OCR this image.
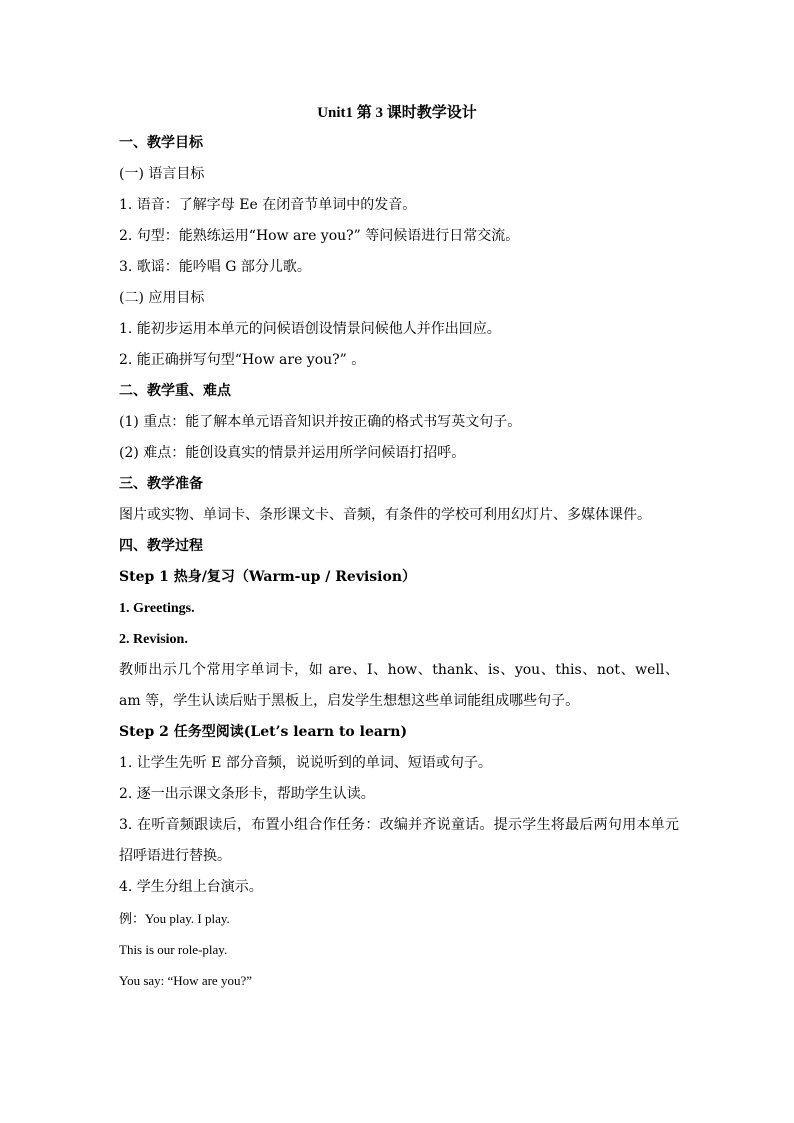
Unit1 第 3 课时教学设计
一、教学目标
(一) 语言目标
1. 语音：了解字母 Ee 在闭音节单词中的发音。
2. 句型：能熟练运用“How are you?” 等问候语进行日常交流。
3. 歌谣：能吟唱 G 部分儿歌。
(二) 应用目标
1. 能初步运用本单元的问候语创设情景问候他人并作出回应。
2. 能正确拼写句型“How are you?” 。
二、教学重、难点
(1) 重点：能了解本单元语音知识并按正确的格式书写英文句子。
(2) 难点：能创设真实的情景并运用所学问候语打招呼。
三、教学准备
图片或实物、单词卡、条形课文卡、音频，有条件的学校可利用幻灯片、多媒体课件。
四、教学过程
Step 1 热身/复习（Warm-up / Revision）
1. Greetings.
2. Revision.
教师出示几个常用字单词卡，如 are、I、how、thank、is、you、this、not、well、am 等，学生认读后贴于黑板上，启发学生想想这些单词能组成哪些句子。
Step 2 任务型阅读(Let’s learn to learn)
1. 让学生先听 E 部分音频，说说听到的单词、短语或句子。
2. 逐一出示课文条形卡，帮助学生认读。
3. 在听音频跟读后，布置小组合作任务：改编并齐说童话。提示学生将最后两句用本单元招呼语进行替换。
4. 学生分组上台演示。
例：You play. I play.
This is our role-play.
You say: “How are you?”
